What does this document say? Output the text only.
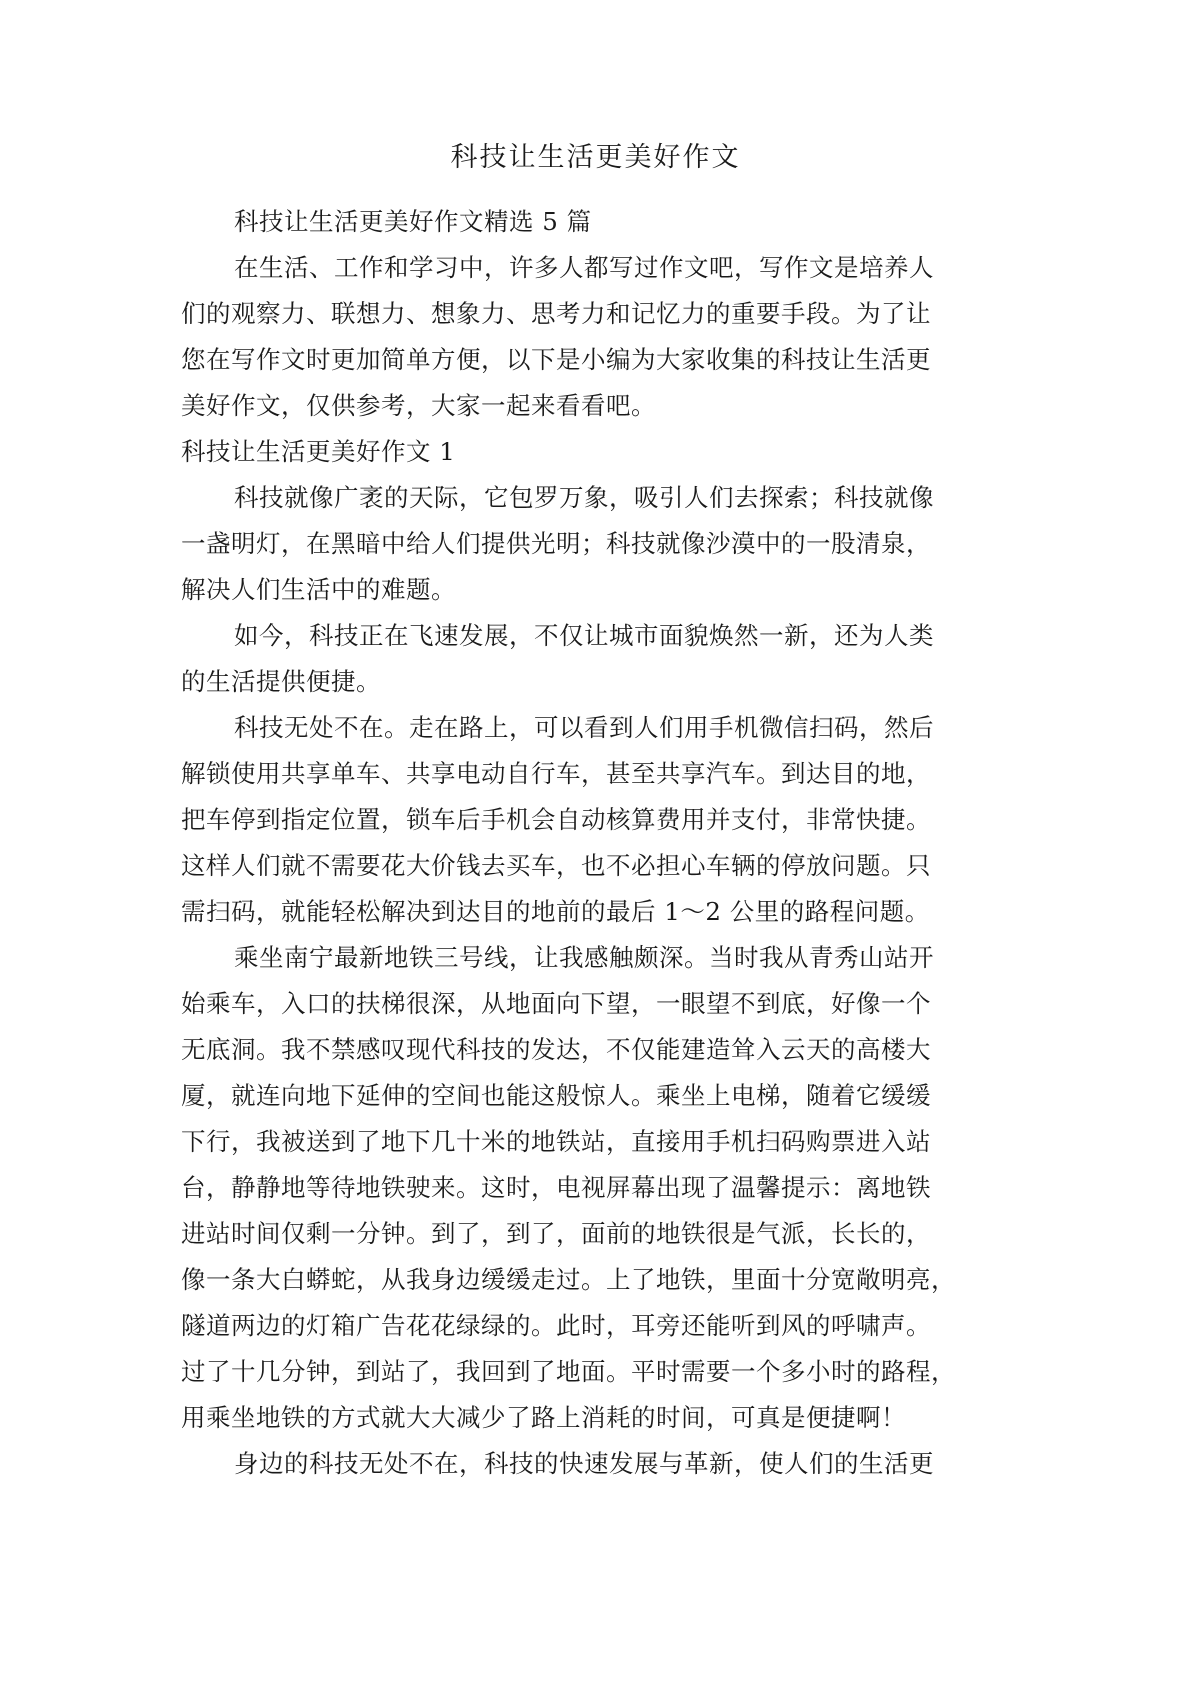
科技让生活更美好作文
科技让生活更美好作文精选 5 篇
在生活、工作和学习中，许多人都写过作文吧，写作文是培养人
们的观察力、联想力、想象力、思考力和记忆力的重要手段。为了让
您在写作文时更加简单方便，以下是小编为大家收集的科技让生活更
美好作文，仅供参考，大家一起来看看吧。
科技让生活更美好作文 1
科技就像广袤的天际，它包罗万象，吸引人们去探索；科技就像
一盏明灯，在黑暗中给人们提供光明；科技就像沙漠中的一股清泉，
解决人们生活中的难题。
如今，科技正在飞速发展，不仅让城市面貌焕然一新，还为人类
的生活提供便捷。
科技无处不在。走在路上，可以看到人们用手机微信扫码，然后
解锁使用共享单车、共享电动自行车，甚至共享汽车。到达目的地，
把车停到指定位置，锁车后手机会自动核算费用并支付，非常快捷。
这样人们就不需要花大价钱去买车，也不必担心车辆的停放问题。只
需扫码，就能轻松解决到达目的地前的最后 1～2 公里的路程问题。
乘坐南宁最新地铁三号线，让我感触颇深。当时我从青秀山站开
始乘车，入口的扶梯很深，从地面向下望，一眼望不到底，好像一个
无底洞。我不禁感叹现代科技的发达，不仅能建造耸入云天的高楼大
厦，就连向地下延伸的空间也能这般惊人。乘坐上电梯，随着它缓缓
下行，我被送到了地下几十米的地铁站，直接用手机扫码购票进入站
台，静静地等待地铁驶来。这时，电视屏幕出现了温馨提示：离地铁
进站时间仅剩一分钟。到了，到了，面前的地铁很是气派，长长的，
像一条大白蟒蛇，从我身边缓缓走过。上了地铁，里面十分宽敞明亮，
隧道两边的灯箱广告花花绿绿的。此时，耳旁还能听到风的呼啸声。
过了十几分钟，到站了，我回到了地面。平时需要一个多小时的路程，
用乘坐地铁的方式就大大减少了路上消耗的时间，可真是便捷啊！
身边的科技无处不在，科技的快速发展与革新，使人们的生活更
